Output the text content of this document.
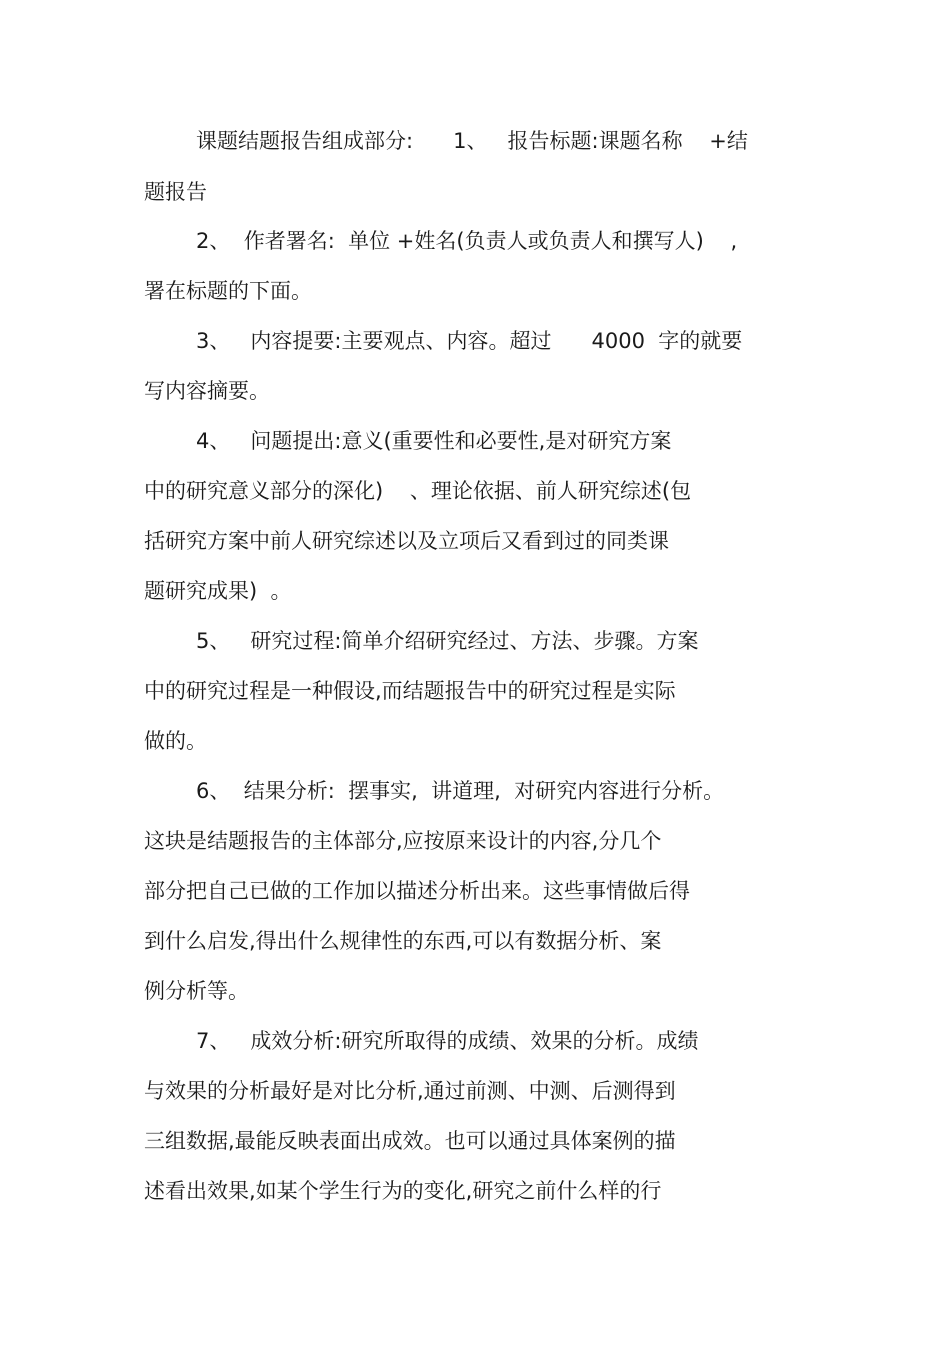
课题结题报告组成部分:      1、   报告标题:课题名称    +结
题报告
2、  作者署名:  单位 +姓名(负责人或负责人和撰写人)    ,
署在标题的下面。
3、   内容提要:主要观点、内容。超过      4000  字的就要
写内容摘要。
4、   问题提出:意义(重要性和必要性,是对研究方案
中的研究意义部分的深化)    、理论依据、前人研究综述(包
括研究方案中前人研究综述以及立项后又看到过的同类课
题研究成果)  。
5、   研究过程:简单介绍研究经过、方法、步骤。方案
中的研究过程是一种假设,而结题报告中的研究过程是实际
做的。
6、  结果分析:  摆事实,  讲道理,  对研究内容进行分析。
这块是结题报告的主体部分,应按原来设计的内容,分几个
部分把自己已做的工作加以描述分析出来。这些事情做后得
到什么启发,得出什么规律性的东西,可以有数据分析、案
例分析等。
7、   成效分析:研究所取得的成绩、效果的分析。成绩
与效果的分析最好是对比分析,通过前测、中测、后测得到
三组数据,最能反映表面出成效。也可以通过具体案例的描
述看出效果,如某个学生行为的变化,研究之前什么样的行
